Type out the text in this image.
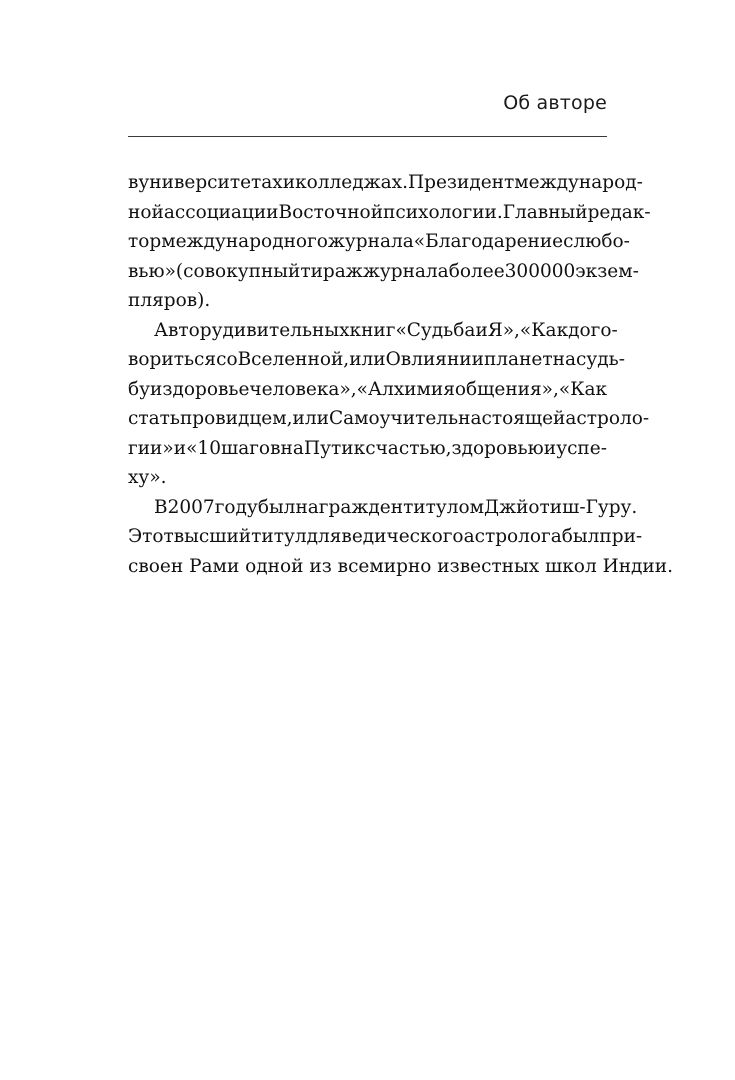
Об авторе
в университетах и колледжах. Президент международ-
ной ассоциации Восточной психологии. Главный редак-
тор международного журнала «Благодарение с любо-
вью» (совокупный тираж журнала более 300 000 экзем-
пляров).
Автор удивительных книг «Судьба и Я», «Как дого-
вориться со Вселенной, или О влиянии планет на судь-
бу и здоровье человека», «Алхимия общения», «Как
стать провидцем, или Самоучитель настоящей астроло-
гии» и «10 шагов на Пути к счастью, здоровью и успе-
ху».
В 2007 году был награжден титулом Джйотиш-Гуру.
Этот высший титул для ведического астролога был при-
своен Рами одной из всемирно известных школ Индии.
